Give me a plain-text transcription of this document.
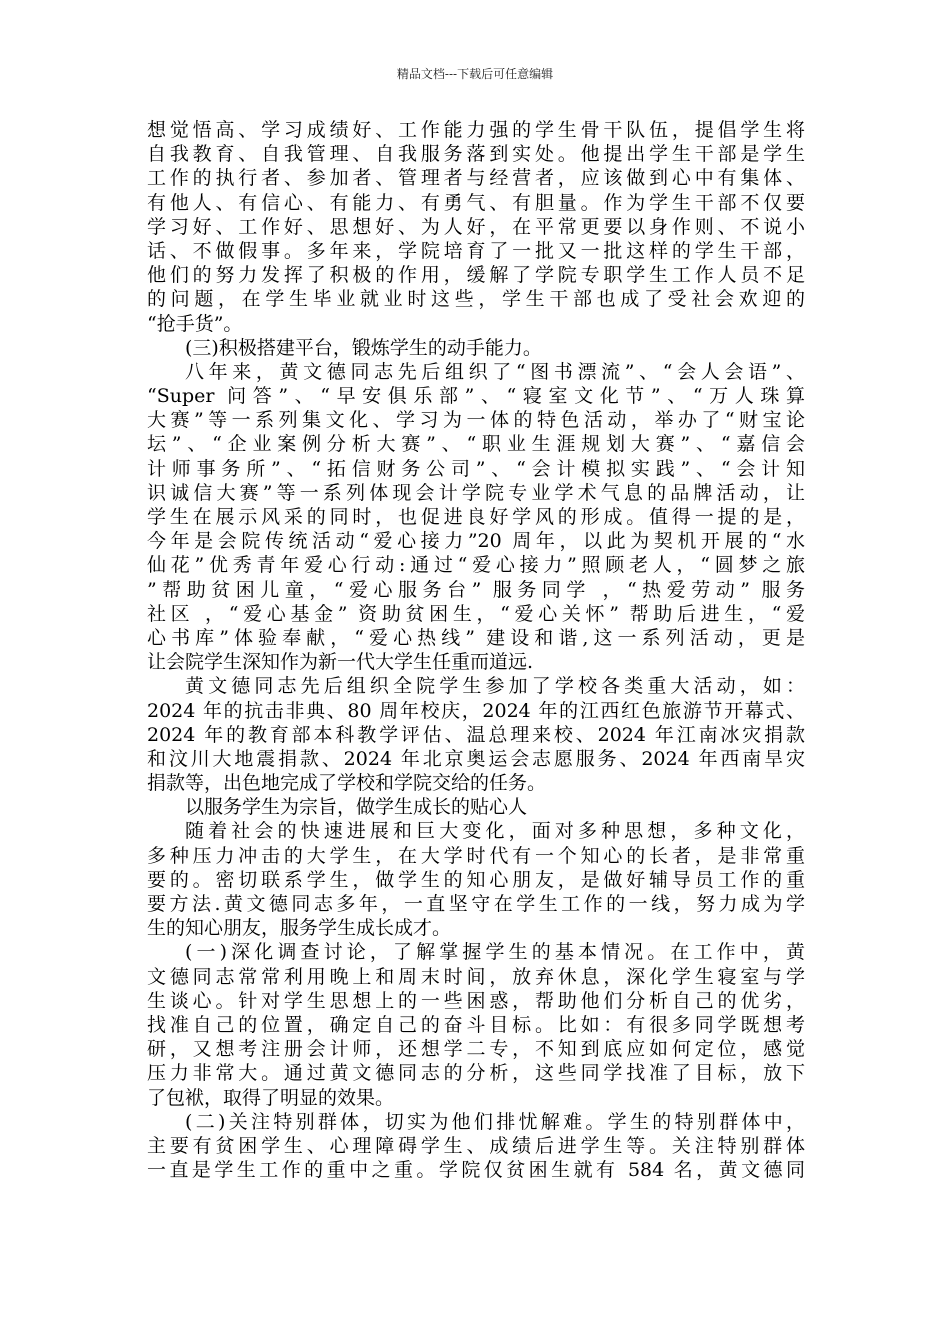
精品文档---下载后可任意编辑
想觉悟高、学习成绩好、工作能力强的学生骨干队伍，提倡学生将
自我教育、自我管理、自我服务落到实处。他提出学生干部是学生
工作的执行者、参加者、管理者与经营者，应该做到心中有集体、
有他人、有信心、有能力、有勇气、有胆量。作为学生干部不仅要
学习好、工作好、思想好、为人好，在平常更要以身作则、不说小
话、不做假事。多年来，学院培育了一批又一批这样的学生干部，
他们的努力发挥了积极的作用，缓解了学院专职学生工作人员不足
的问题，在学生毕业就业时这些，学生干部也成了受社会欢迎的
“抢手货”。
(三)积极搭建平台，锻炼学生的动手能力。
八年来，黄文德同志先后组织了“图书漂流”、“会人会语”、
“Super 问答”、“早安俱乐部”、“寝室文化节”、“万人珠算
大赛”等一系列集文化、学习为一体的特色活动，举办了“财宝论
坛”、“企业案例分析大赛”、“职业生涯规划大赛”、“嘉信会
计师事务所”、“拓信财务公司”、“会计模拟实践”、“会计知
识诚信大赛”等一系列体现会计学院专业学术气息的品牌活动，让
学生在展示风采的同时，也促进良好学风的形成。值得一提的是，
今年是会院传统活动“爱心接力”20 周年，以此为契机开展的“水
仙花”优秀青年爱心行动:通过“爱心接力”照顾老人，“圆梦之旅
”帮助贫困儿童，“爱心服务台” 服务同学 ，“热爱劳动” 服务
社区 ，“爱心基金” 资助贫困生，“爱心关怀” 帮助后进生，“爱
心书库”体验奉献，“爱心热线” 建设和谐,这一系列活动，更是
让会院学生深知作为新一代大学生任重而道远.
黄文德同志先后组织全院学生参加了学校各类重大活动，如：
2024 年的抗击非典、80 周年校庆，2024 年的江西红色旅游节开幕式、
2024 年的教育部本科教学评估、温总理来校、2024 年江南冰灾捐款
和汶川大地震捐款、2024 年北京奥运会志愿服务、2024 年西南旱灾
捐款等，出色地完成了学校和学院交给的任务。
以服务学生为宗旨，做学生成长的贴心人
随着社会的快速进展和巨大变化，面对多种思想，多种文化，
多种压力冲击的大学生，在大学时代有一个知心的长者，是非常重
要的。密切联系学生，做学生的知心朋友，是做好辅导员工作的重
要方法.黄文德同志多年，一直坚守在学生工作的一线，努力成为学
生的知心朋友，服务学生成长成才。
(一)深化调查讨论，了解掌握学生的基本情况。在工作中，黄
文德同志常常利用晚上和周末时间，放弃休息，深化学生寝室与学
生谈心。针对学生思想上的一些困惑，帮助他们分析自己的优劣，
找准自己的位置，确定自己的奋斗目标。比如：有很多同学既想考
研，又想考注册会计师，还想学二专，不知到底应如何定位，感觉
压力非常大。通过黄文德同志的分析，这些同学找准了目标，放下
了包袱，取得了明显的效果。
(二)关注特别群体，切实为他们排忧解难。学生的特别群体中，
主要有贫困学生、心理障碍学生、成绩后进学生等。关注特别群体
一直是学生工作的重中之重。学院仅贫困生就有 584 名，黄文德同
